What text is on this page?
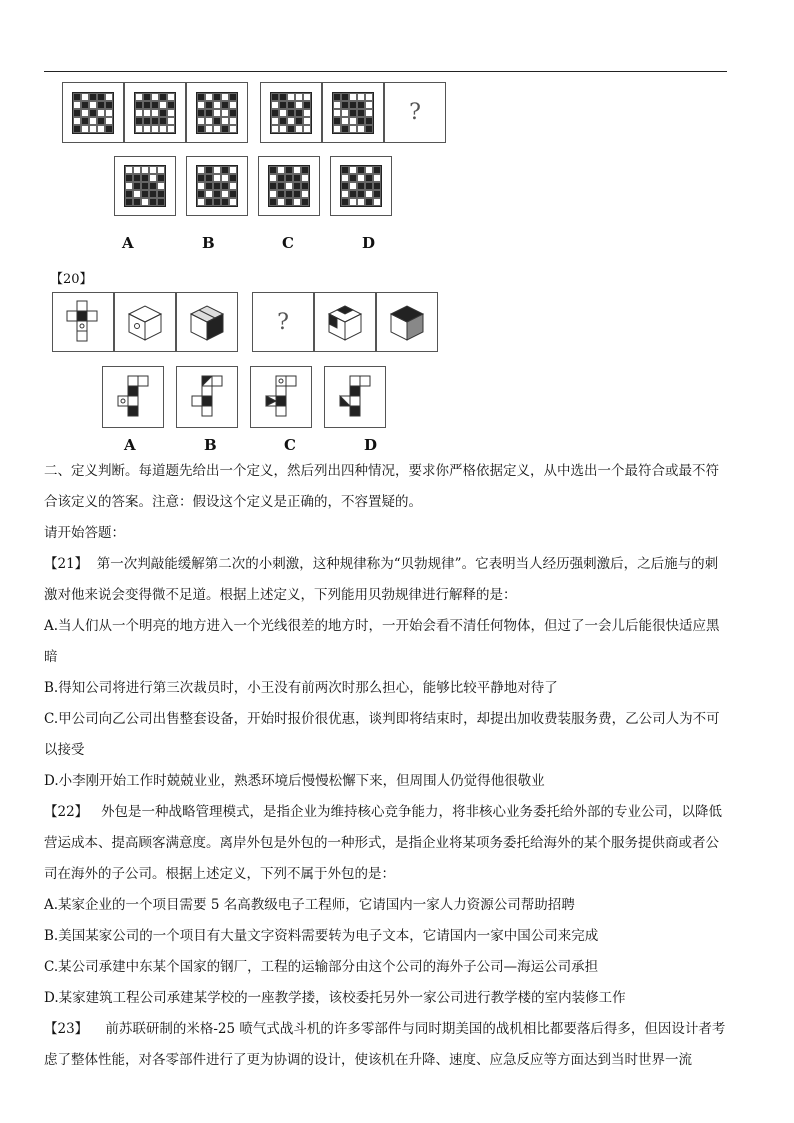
?
A	B	C	D
【20】
?
A	B	C	D

二、定义判断。每道题先给出一个定义，然后列出四种情况，要求你严格依据定义，从中选出一个最符合或最不符

合该定义的答案。注意：假设这个定义是正确的，不容置疑的。

请开始答题：

【21】 第一次判敲能缓解第二次的小刺激，这种规律称为“贝勃规律”。它表明当人经历强刺激后，之后施与的刺

激对他来说会变得微不足道。根据上述定义，下列能用贝勃规律进行解释的是：

A.当人们从一个明亮的地方进入一个光线很差的地方时，一开始会看不清任何物体，但过了一会儿后能很快适应黑

暗

B.得知公司将进行第三次裁员时，小王没有前两次时那么担心，能够比较平静地对待了

C.甲公司向乙公司出售整套设备，开始时报价很优惠，谈判即将结束时，却提出加收费装服务费，乙公司人为不可

以接受

D.小李刚开始工作时兢兢业业，熟悉环境后慢慢松懈下来，但周围人仍觉得他很敬业

【22】 外包是一种战略管理模式，是指企业为维持核心竞争能力，将非核心业务委托给外部的专业公司，以降低

营运成本、提高顾客满意度。离岸外包是外包的一种形式，是指企业将某项务委托给海外的某个服务提供商或者公

司在海外的子公司。根据上述定义，下列不属于外包的是：

A.某家企业的一个项目需要 5 名高教级电子工程师，它请国内一家人力资源公司帮助招聘

B.美国某家公司的一个项目有大量文字资料需要转为电子文本，它请国内一家中国公司来完成

C.某公司承建中东某个国家的钢厂，工程的运输部分由这个公司的海外子公司—海运公司承担

D.某家建筑工程公司承建某学校的一座教学搂，该校委托另外一家公司进行教学楼的室内装修工作

【23】 前苏联研制的米格-25 喷气式战斗机的许多零部件与同时期美国的战机相比都要落后得多，但因设计者考

虑了整体性能，对各零部件进行了更为协调的设计，使该机在升降、速度、应急反应等方面达到当时世界一流
